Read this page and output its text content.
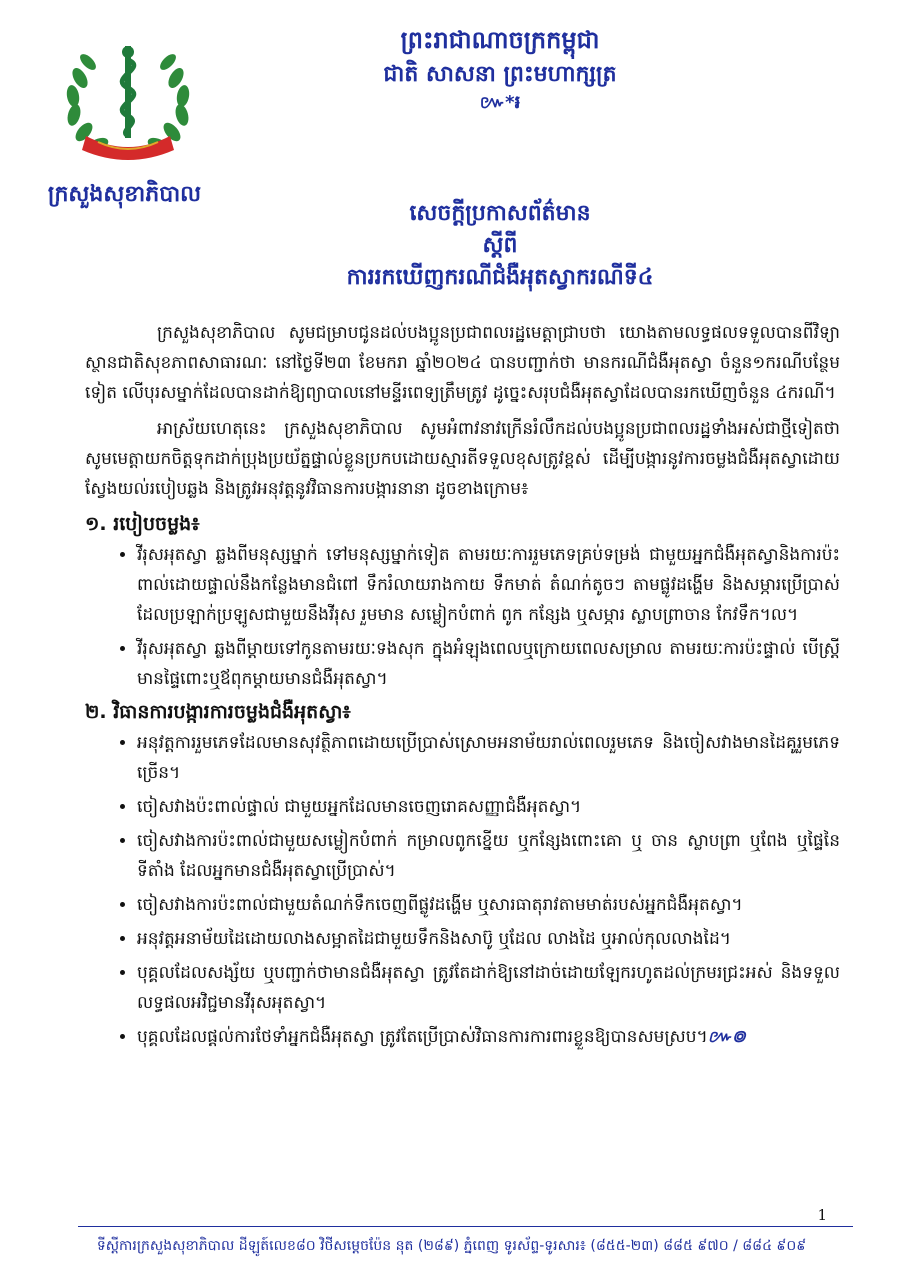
ក្រសួងសុខាភិបាល
ព្រះរាជាណាចក្រកម្ពុជា
ជាតិ សាសនា ព្រះមហាក្សត្រ
៚*៛
សេចក្ដីប្រកាសព័ត៌មាន
ស្ដីពី
ការរកឃើញករណីជំងឺអុតស្វាករណីទី៤

ក្រសួងសុខាភិបាល សូមជម្រាបជូនដល់បងប្អូនប្រជាពលរដ្ឋមេត្តាជ្រាបថា យោងតាមលទ្ធផលទទួលបានពីវិទ្យាស្ថានជាតិសុខភាពសាធារណៈ នៅថ្ងៃទី២៣ ខែមករា ឆ្នាំ២០២៤ បានបញ្ជាក់ថា មានករណីជំងឺអុតស្វា ចំនួន១ករណីបន្ថែមទៀត លើបុរសម្នាក់ដែលបានដាក់ឱ្យព្យាបាលនៅមន្ទីរពេទ្យត្រឹមត្រូវ ដូច្នេះសរុបជំងឺអុតស្វាដែលបានរកឃើញចំនួន ៤ករណី។

អាស្រ័យហេតុនេះ ក្រសួងសុខាភិបាល សូមអំពាវនាវក្រើនរំលឹកដល់បងប្អូនប្រជាពលរដ្ឋទាំងអស់ជាថ្មីទៀតថា សូមមេត្តាយកចិត្តទុកដាក់ប្រុងប្រយ័ត្នផ្ទាល់ខ្លួនប្រកបដោយស្មារតីទទួលខុសត្រូវខ្ពស់ ដើម្បីបង្ការនូវការចម្លងជំងឺអុតស្វាដោយស្វែងយល់របៀបឆ្លង និងត្រូវអនុវត្តនូវវិធានការបង្ការនានា ដូចខាងក្រោម៖

១. របៀបចម្លង៖
• វីរុសអុតស្វា ឆ្លងពីមនុស្សម្នាក់ ទៅមនុស្សម្នាក់ទៀត តាមរយៈការរួមភេទគ្រប់ទម្រង់ ជាមួយអ្នកជំងឺអុតស្វានិងការប៉ះពាល់ដោយផ្ទាល់នឹងកន្លែងមានជំពៅ ទឹករំលាយរាងកាយ ទឹកមាត់ តំណក់តូចៗ តាមផ្លូវដង្ហើម និងសម្ភារប្រើប្រាស់ដែលប្រឡាក់ប្រឡូសជាមួយនឹងវីរុស រួមមាន សម្លៀកបំពាក់ ពូក កន្សែង ឬសម្ភារ ស្លាបព្រាចាន កែវទឹក។ល។
• វីរុសអុតស្វា ឆ្លងពីម្ដាយទៅកូនតាមរយៈទងសុក ក្នុងអំឡុងពេលឬក្រោយពេលសម្រាល តាមរយៈការប៉ះផ្ទាល់ បើស្ត្រីមានផ្ទៃពោះឬឪពុកម្ដាយមានជំងឺអុតស្វា។
២. វិធានការបង្ការការចម្លងជំងឺអុតស្វា៖
• អនុវត្តការរួមភេទដែលមានសុវត្ថិភាពដោយប្រើប្រាស់ស្រោមអនាម័យរាល់ពេលរួមភេទ និងចៀសវាងមានដៃគូរួមភេទច្រើន។
• ចៀសវាងប៉ះពាល់ផ្ទាល់ ជាមួយអ្នកដែលមានចេញរោគសញ្ញាជំងឺអុតស្វា។
• ចៀសវាងការប៉ះពាល់ជាមួយសម្លៀកបំពាក់ កម្រាលពូកខ្នើយ ឬកន្សែងពោះគោ ឬ ចាន ស្លាបព្រា ឬពែង ឬផ្ទៃនៃទីតាំង ដែលអ្នកមានជំងឺអុតស្វាប្រើប្រាស់។
• ចៀសវាងការប៉ះពាល់ជាមួយតំណក់ទឹកចេញពីផ្លូវដង្ហើម ឬសារធាតុរាវតាមមាត់របស់អ្នកជំងឺអុតស្វា។
• អនុវត្តអនាម័យដៃដោយលាងសម្អាតដៃជាមួយទឹកនិងសាប៊ូ ឬដែល លាងដៃ ឬអាល់កុលលាងដៃ។
• បុគ្គលដែលសង្ស័យ ឬបញ្ជាក់ថាមានជំងឺអុតស្វា ត្រូវតែដាក់ឱ្យនៅដាច់ដោយឡែករហូតដល់ក្រមរជ្រះអស់ និងទទួលលទ្ធផលអវិជ្ជមានវីរុសអុតស្វា។
• បុគ្គលដែលផ្ដល់ការថែទាំអ្នកជំងឺអុតស្វា ត្រូវតែប្រើប្រាស់វិធានការការពារខ្លួនឱ្យបានសមស្រប។៚៙
1
ទីស្ដីការក្រសួងសុខាភិបាល ដីឡូត៍លេខ៨០ វិថីសម្ដេចប៉ែន នុត (២៨៩) ភ្នំពេញ ទូរស័ព្ទ-ទូរសារ៖ (៨៥៥-២៣) ៨៨៥ ៩៧០ / ៨៨៤ ៩០៩
